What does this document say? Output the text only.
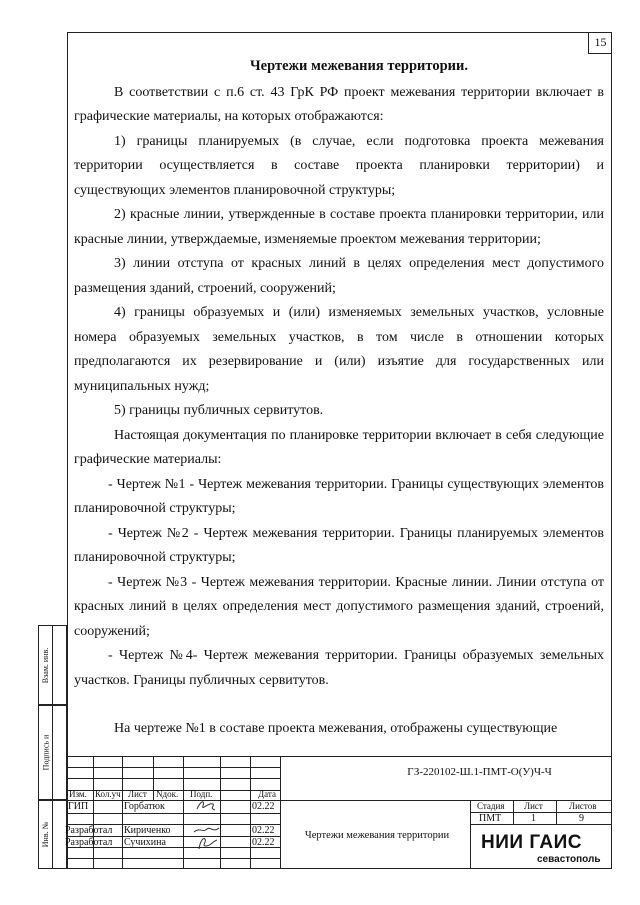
15
Взам. инв.
Подпись и
Инв. №
Чертежи межевания территории.

В соответствии с п.6 ст. 43 ГрК РФ проект межевания территории включает в графические материалы, на которых отображаются:

1) границы планируемых (в случае, если подготовка проекта межевания территории осуществляется в составе проекта планировки территории) и существующих элементов планировочной структуры;

2) красные линии, утвержденные в составе проекта планировки территории, или красные линии, утверждаемые, изменяемые проектом межевания территории;

3) линии отступа от красных линий в целях определения мест допустимого размещения зданий, строений, сооружений;

4) границы образуемых и (или) изменяемых земельных участков, условные номера образуемых земельных участков, в том числе в отношении которых предполагаются их резервирование и (или) изъятие для государственных или муниципальных нужд;

5) границы публичных сервитутов.

Настоящая документация по планировке территории включает в себя следующие графические материалы:

- Чертеж №1 - Чертеж межевания территории. Границы существующих элементов планировочной структуры;

- Чертеж №2 - Чертеж межевания территории. Границы планируемых элементов планировочной структуры;

- Чертеж №3 - Чертеж межевания территории. Красные линии. Линии отступа от красных линий в целях определения мест допустимого размещения зданий, строений, сооружений;

- Чертеж №4- Чертеж межевания территории. Границы образуемых земельных участков. Границы публичных сервитутов.

На чертеже №1 в составе проекта межевания, отображены существующие

ГЗ-220102-Ш.1-ПМТ-О(У)Ч-Ч
Изм. Кол.уч Лист Nдок. Подп.	Дата
ГИП	Горбатюк	02.22
Разработал Кириченко	02.22
Разработал Сучихина	02.22
Чертежи межевания территории
Стадия Лист	Листов
ПМТ	1	9
НИИ ГАИС
севастополь
